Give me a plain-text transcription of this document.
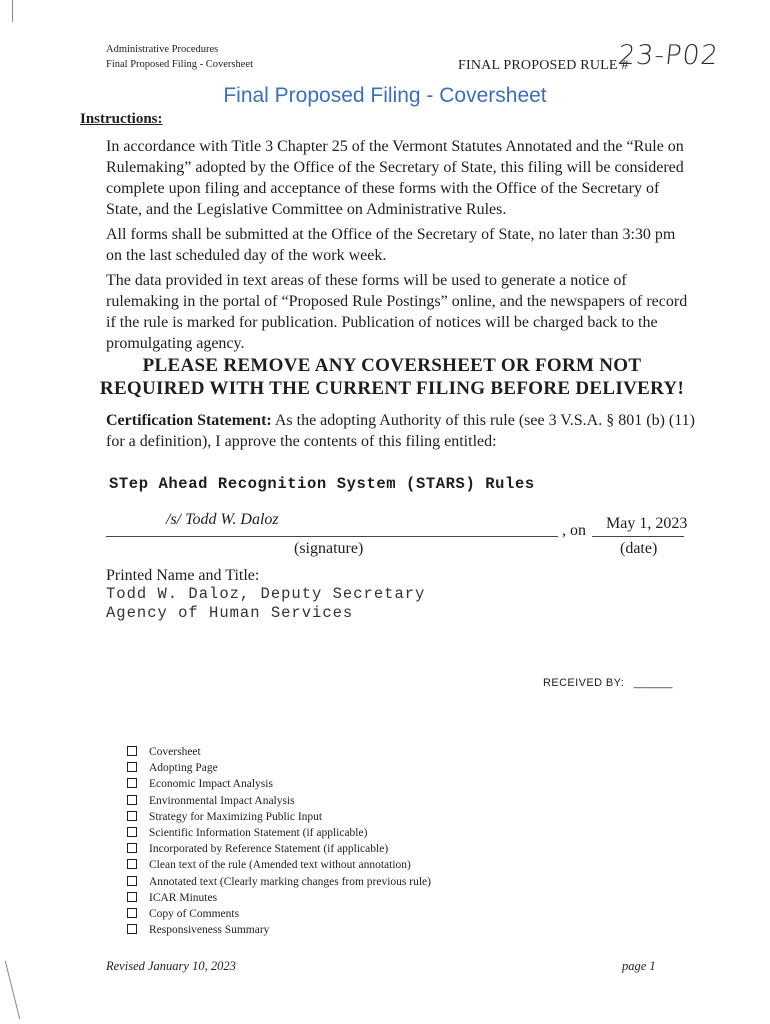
Administrative Procedures
Final Proposed Filing - Coversheet	FINAL PROPOSED RULE #
23-P02
Final Proposed Filing - Coversheet
Instructions:

In accordance with Title 3 Chapter 25 of the Vermont Statutes Annotated and the “Rule on Rulemaking” adopted by the Office of the Secretary of State, this filing will be considered complete upon filing and acceptance of these forms with the Office of the Secretary of State, and the Legislative Committee on Administrative Rules.

All forms shall be submitted at the Office of the Secretary of State, no later than 3:30 pm on the last scheduled day of the work week.

The data provided in text areas of these forms will be used to generate a notice of rulemaking in the portal of “Proposed Rule Postings” online, and the newspapers of record if the rule is marked for publication. Publication of notices will be charged back to the promulgating agency.

PLEASE REMOVE ANY COVERSHEET OR FORM NOT REQUIRED WITH THE CURRENT FILING BEFORE DELIVERY!
Certification Statement: As the adopting Authority of this rule (see 3 V.S.A. § 801 (b) (11) for a definition), I approve the contents of this filing entitled:
STep Ahead Recognition System (STARS) Rules
/s/ Todd W. Daloz
, on May 1, 2023
(signature)	(date)
Printed Name and Title:
Todd W. Daloz, Deputy Secretary
Agency of Human Services
RECEIVED BY: ______
Coversheet
Adopting Page
Economic Impact Analysis
Environmental Impact Analysis
Strategy for Maximizing Public Input
Scientific Information Statement (if applicable)
Incorporated by Reference Statement (if applicable)
Clean text of the rule (Amended text without annotation)
Annotated text (Clearly marking changes from previous rule)
ICAR Minutes
Copy of Comments
Responsiveness Summary
Revised January 10, 2023	page 1
